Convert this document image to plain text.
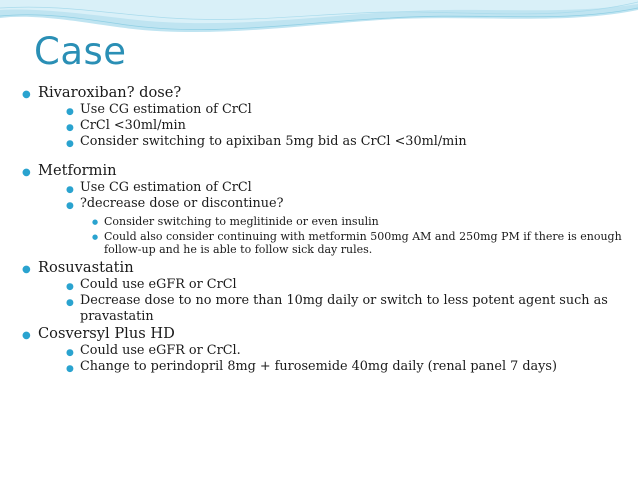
Case
● Rivaroxiban? dose?
● Use CG estimation of CrCl
● CrCl <30ml/min
● Consider switching to apixiban 5mg bid as CrCl <30ml/min
● Metformin
● Use CG estimation of CrCl
● ?decrease dose or discontinue?
● Consider switching to meglitinide or even insulin
● Could also consider continuing with metformin 500mg AM and 250mg PM if there is enough follow-up and he is able to follow sick day rules.
● Rosuvastatin
● Could use eGFR or CrCl
● Decrease dose to no more than 10mg daily or switch to less potent agent such as pravastatin
● Cosversyl Plus HD
● Could use eGFR or CrCl.
● Change to perindopril 8mg + furosemide 40mg daily (renal panel 7 days)
